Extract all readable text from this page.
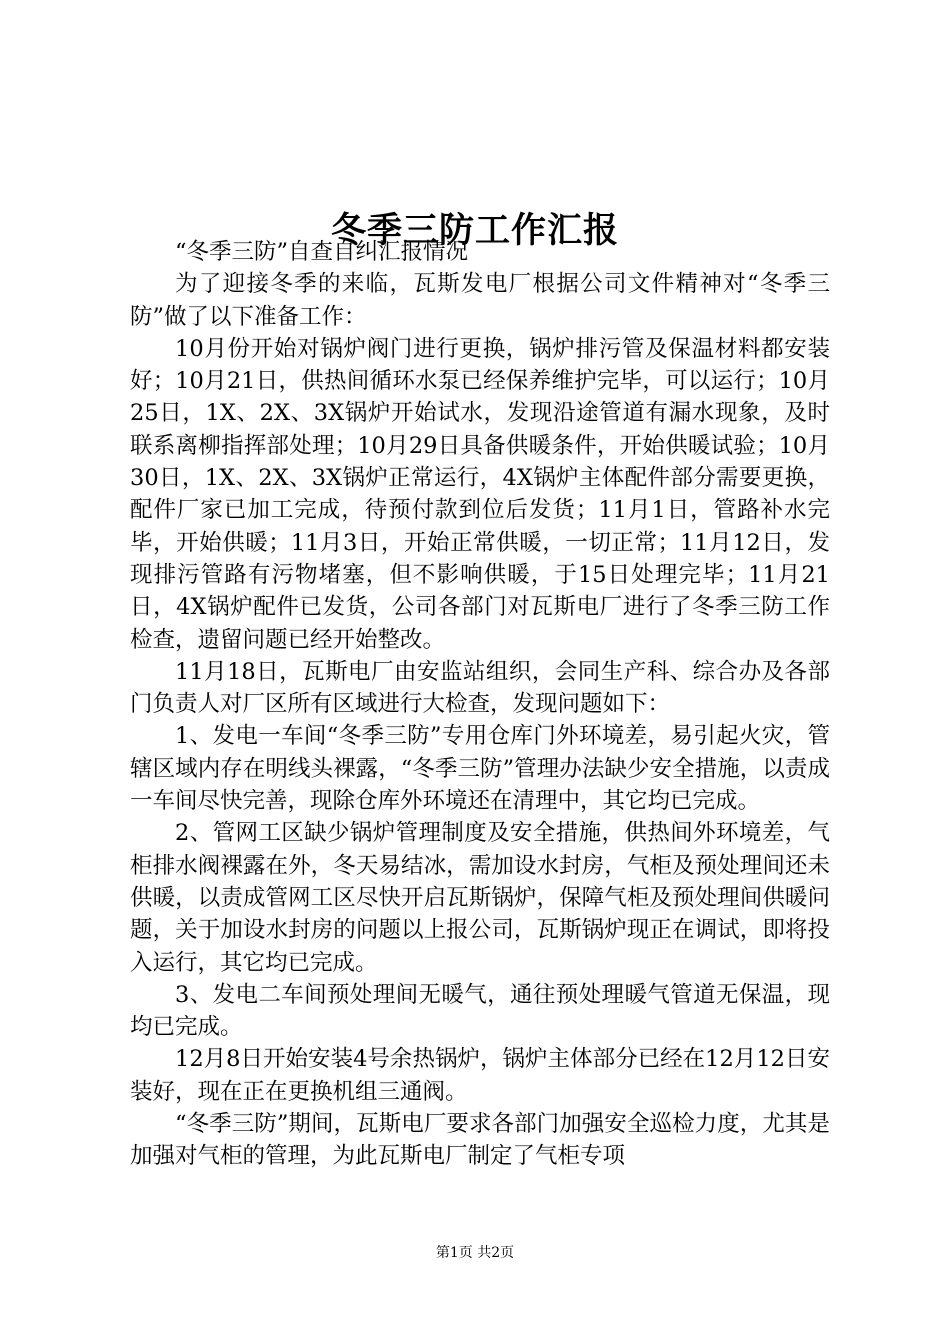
冬季三防工作汇报

“冬季三防”自查自纠汇报情况

为了迎接冬季的来临，瓦斯发电厂根据公司文件精神对“冬季三防”做了以下准备工作：

10月份开始对锅炉阀门进行更换，锅炉排污管及保温材料都安装好；10月21日，供热间循环水泵已经保养维护完毕，可以运行；10月25日，1X、2X、3X锅炉开始试水，发现沿途管道有漏水现象，及时联系离柳指挥部处理；10月29日具备供暖条件，开始供暖试验；10月30日，1X、2X、3X锅炉正常运行，4X锅炉主体配件部分需要更换，配件厂家已加工完成，待预付款到位后发货；11月1日，管路补水完毕，开始供暖；11月3日，开始正常供暖，一切正常；11月12日，发现排污管路有污物堵塞，但不影响供暖，于15日处理完毕；11月21日，4X锅炉配件已发货，公司各部门对瓦斯电厂进行了冬季三防工作检查，遗留问题已经开始整改。

11月18日，瓦斯电厂由安监站组织，会同生产科、综合办及各部门负责人对厂区所有区域进行大检查，发现问题如下：

1、发电一车间“冬季三防”专用仓库门外环境差，易引起火灾，管辖区域内存在明线头裸露，“冬季三防”管理办法缺少安全措施，以责成一车间尽快完善，现除仓库外环境还在清理中，其它均已完成。

2、管网工区缺少锅炉管理制度及安全措施，供热间外环境差，气柜排水阀裸露在外，冬天易结冰，需加设水封房，气柜及预处理间还未供暖，以责成管网工区尽快开启瓦斯锅炉，保障气柜及预处理间供暖问题，关于加设水封房的问题以上报公司，瓦斯锅炉现正在调试，即将投入运行，其它均已完成。

3、发电二车间预处理间无暖气，通往预处理暖气管道无保温，现均已完成。

12月8日开始安装4号余热锅炉，锅炉主体部分已经在12月12日安装好，现在正在更换机组三通阀。

“冬季三防”期间，瓦斯电厂要求各部门加强安全巡检力度，尤其是加强对气柜的管理，为此瓦斯电厂制定了气柜专项

第1页 共2页
